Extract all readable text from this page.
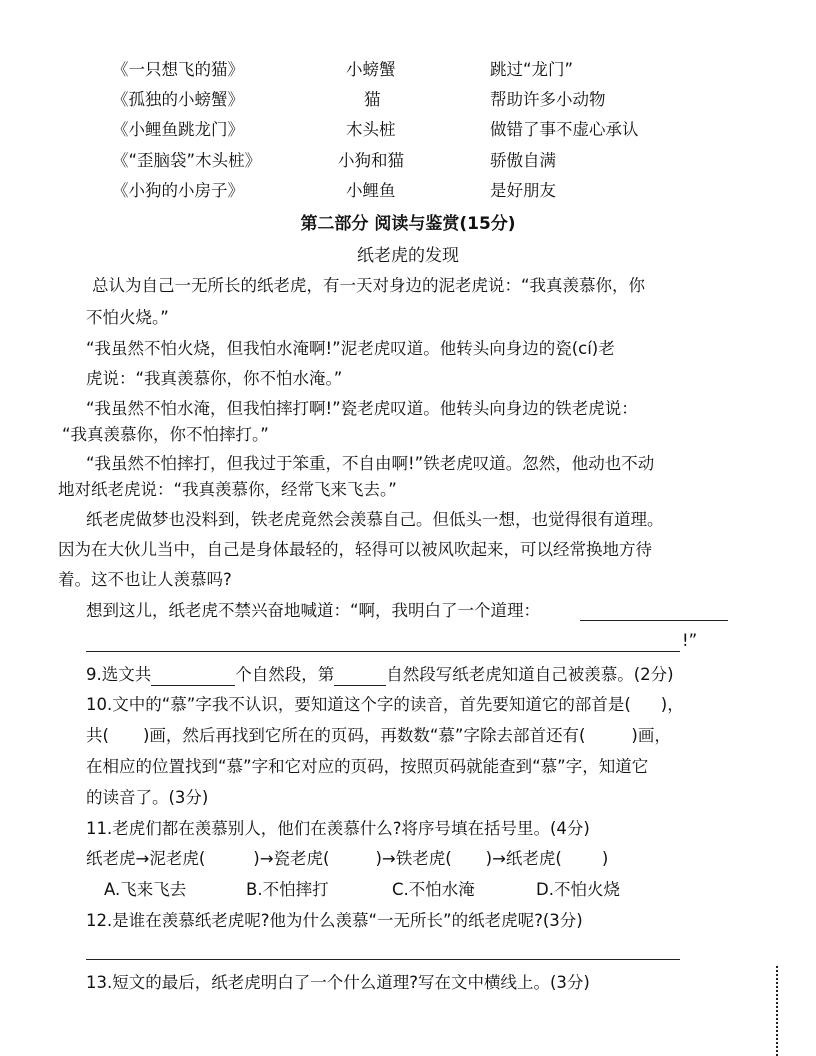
《一只想飞的猫》	小螃蟹	跳过“龙门”
《孤独的小螃蟹》	猫	帮助许多小动物
《小鲤鱼跳龙门》	木头桩	做错了事不虚心承认
《“歪脑袋”木头桩》	小狗和猫	骄傲自满
《小狗的小房子》	小鲤鱼	是好朋友
第二部分 阅读与鉴赏(15分)
纸老虎的发现
总认为自己一无所长的纸老虎，有一天对身边的泥老虎说：“我真羡慕你，你
不怕火烧。”
“我虽然不怕火烧，但我怕水淹啊!”泥老虎叹道。他转头向身边的瓷(cí)老
虎说：“我真羡慕你，你不怕水淹。”
“我虽然不怕水淹，但我怕摔打啊!”瓷老虎叹道。他转头向身边的铁老虎说：
“我真羡慕你，你不怕摔打。”
“我虽然不怕摔打，但我过于笨重，不自由啊!”铁老虎叹道。忽然，他动也不动
地对纸老虎说：“我真羡慕你，经常飞来飞去。”
纸老虎做梦也没料到，铁老虎竟然会羡慕自己。但低头一想，也觉得很有道理。
因为在大伙儿当中，自己是身体最轻的，轻得可以被风吹起来，可以经常换地方待
着。这不也让人羡慕吗?
想到这儿，纸老虎不禁兴奋地喊道：“啊，我明白了一个道理：
!”
9.选文共	个自然段，第	自然段写纸老虎知道自己被羡慕。(2分)
10.文中的“慕”字我不认识，要知道这个字的读音，首先要知道它的部首是( )，
共( )画，然后再找到它所在的页码，再数数“慕”字除去部首还有(	)画，
在相应的位置找到“慕”字和它对应的页码，按照页码就能查到“慕”字，知道它
的读音了。(3分)
11.老虎们都在羡慕别人，他们在羡慕什么?将序号填在括号里。(4分)
纸老虎→泥老虎(	)→瓷老虎(	)→铁老虎( )→纸老虎( )
A.飞来飞去	B.不怕摔打	C.不怕水淹	D.不怕火烧
12.是谁在羡慕纸老虎呢?他为什么羡慕“一无所长”的纸老虎呢?(3分)
13.短文的最后，纸老虎明白了一个什么道理?写在文中横线上。(3分)
